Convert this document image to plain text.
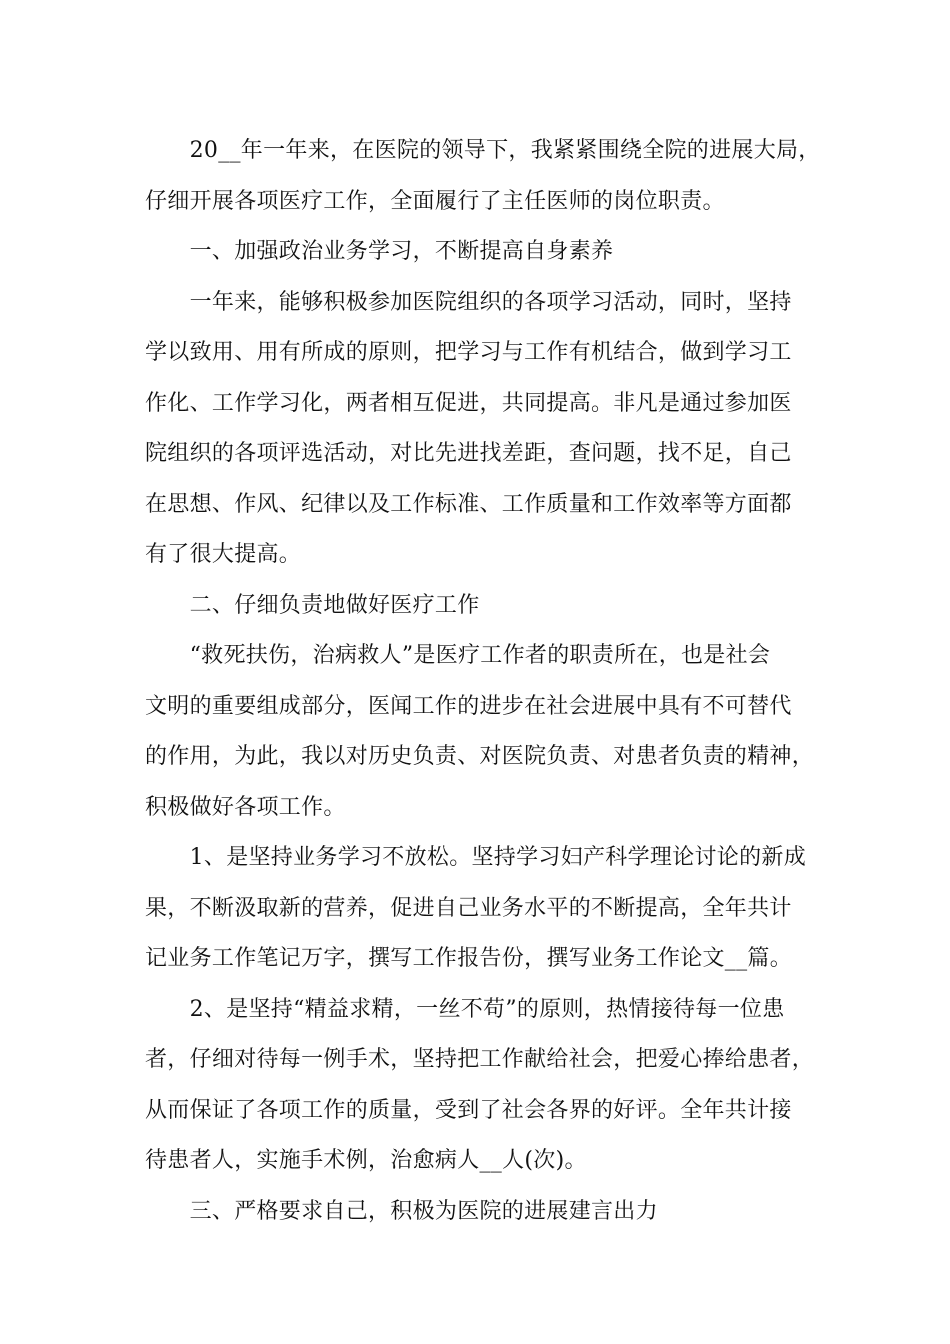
　　20__年一年来，在医院的领导下，我紧紧围绕全院的进展大局，
仔细开展各项医疗工作，全面履行了主任医师的岗位职责。
　　一、加强政治业务学习，不断提高自身素养
　　一年来，能够积极参加医院组织的各项学习活动，同时，坚持
学以致用、用有所成的原则，把学习与工作有机结合，做到学习工
作化、工作学习化，两者相互促进，共同提高。非凡是通过参加医
院组织的各项评选活动，对比先进找差距，查问题，找不足，自己
在思想、作风、纪律以及工作标准、工作质量和工作效率等方面都
有了很大提高。
　　二、仔细负责地做好医疗工作
　　“救死扶伤，治病救人”是医疗工作者的职责所在，也是社会
文明的重要组成部分，医闻工作的进步在社会进展中具有不可替代
的作用，为此，我以对历史负责、对医院负责、对患者负责的精神，
积极做好各项工作。
　　1、是坚持业务学习不放松。坚持学习妇产科学理论讨论的新成
果，不断汲取新的营养，促进自己业务水平的不断提高，全年共计
记业务工作笔记万字，撰写工作报告份，撰写业务工作论文__篇。
　　2、是坚持“精益求精，一丝不苟”的原则，热情接待每一位患
者，仔细对待每一例手术，坚持把工作献给社会，把爱心捧给患者，
从而保证了各项工作的质量，受到了社会各界的好评。全年共计接
待患者人，实施手术例，治愈病人__人(次)。
　　三、严格要求自己，积极为医院的进展建言出力
